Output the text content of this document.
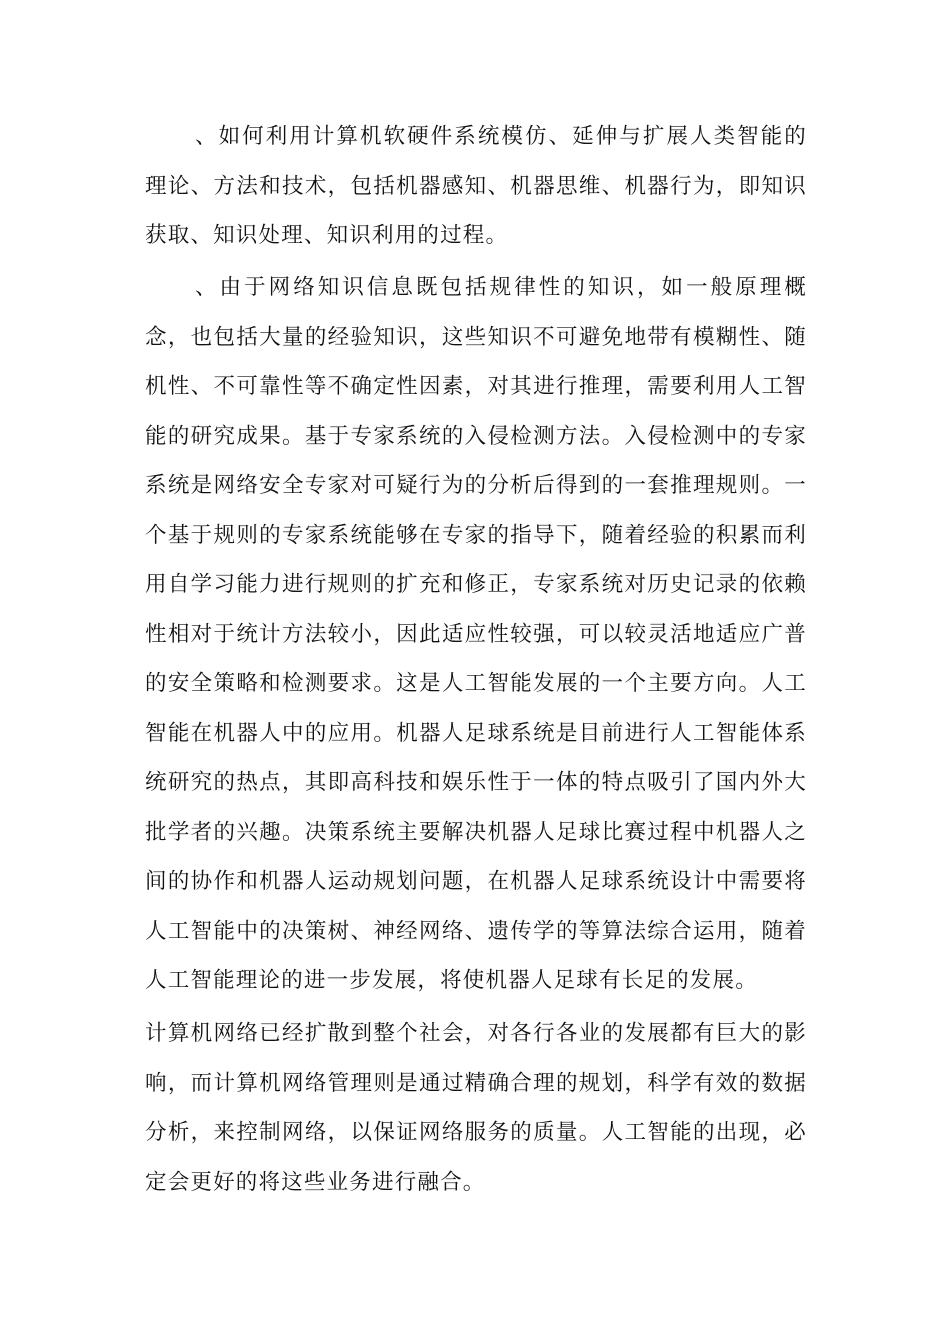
、如何利用计算机软硬件系统模仿、延伸与扩展人类智能的理论、方法和技术，包括机器感知、机器思维、机器行为，即知识获取、知识处理、知识利用的过程。

、由于网络知识信息既包括规律性的知识，如一般原理概念，也包括大量的经验知识，这些知识不可避免地带有模糊性、随机性、不可靠性等不确定性因素，对其进行推理，需要利用人工智能的研究成果。基于专家系统的入侵检测方法。入侵检测中的专家系统是网络安全专家对可疑行为的分析后得到的一套推理规则。一个基于规则的专家系统能够在专家的指导下，随着经验的积累而利用自学习能力进行规则的扩充和修正，专家系统对历史记录的依赖性相对于统计方法较小，因此适应性较强，可以较灵活地适应广普的安全策略和检测要求。这是人工智能发展的一个主要方向。人工智能在机器人中的应用。机器人足球系统是目前进行人工智能体系统研究的热点，其即高科技和娱乐性于一体的特点吸引了国内外大批学者的兴趣。决策系统主要解决机器人足球比赛过程中机器人之间的协作和机器人运动规划问题，在机器人足球系统设计中需要将人工智能中的决策树、神经网络、遗传学的等算法综合运用，随着人工智能理论的进一步发展，将使机器人足球有长足的发展。

计算机网络已经扩散到整个社会，对各行各业的发展都有巨大的影响，而计算机网络管理则是通过精确合理的规划，科学有效的数据分析，来控制网络，以保证网络服务的质量。人工智能的出现，必定会更好的将这些业务进行融合。
